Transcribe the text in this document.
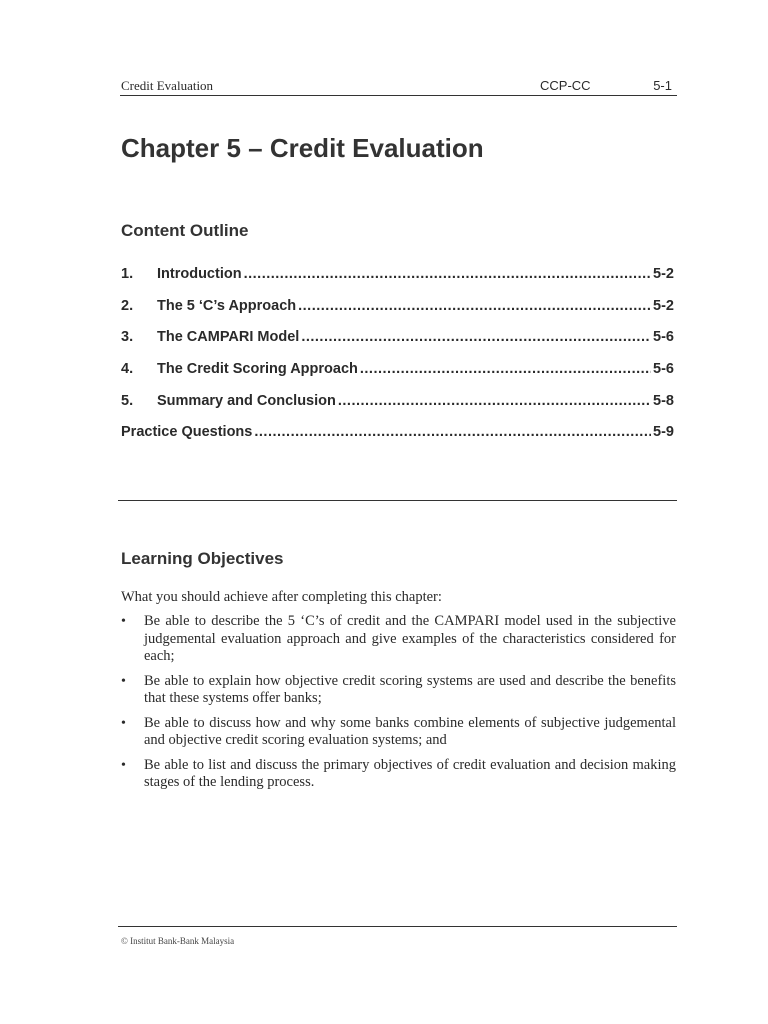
Credit Evaluation	CCP-CC	5-1
Chapter 5 – Credit Evaluation
Content Outline
1.	Introduction .....	5-2
2.	The 5 ‘C’s Approach .....	5-2
3.	The CAMPARI Model .....	5-6
4.	The Credit Scoring Approach .....	5-6
5.	Summary and Conclusion .....	5-8
Practice Questions .....	5-9
Learning Objectives

What you should achieve after completing this chapter:

• Be able to describe the 5 ‘C’s of credit and the CAMPARI model used in the subjective judgemental evaluation approach and give examples of the characteristics considered for each;
• Be able to explain how objective credit scoring systems are used and describe the benefits that these systems offer banks;
• Be able to discuss how and why some banks combine elements of subjective judgemental and objective credit scoring evaluation systems; and
• Be able to list and discuss the primary objectives of credit evaluation and decision making stages of the lending process.
© Institut Bank-Bank Malaysia
